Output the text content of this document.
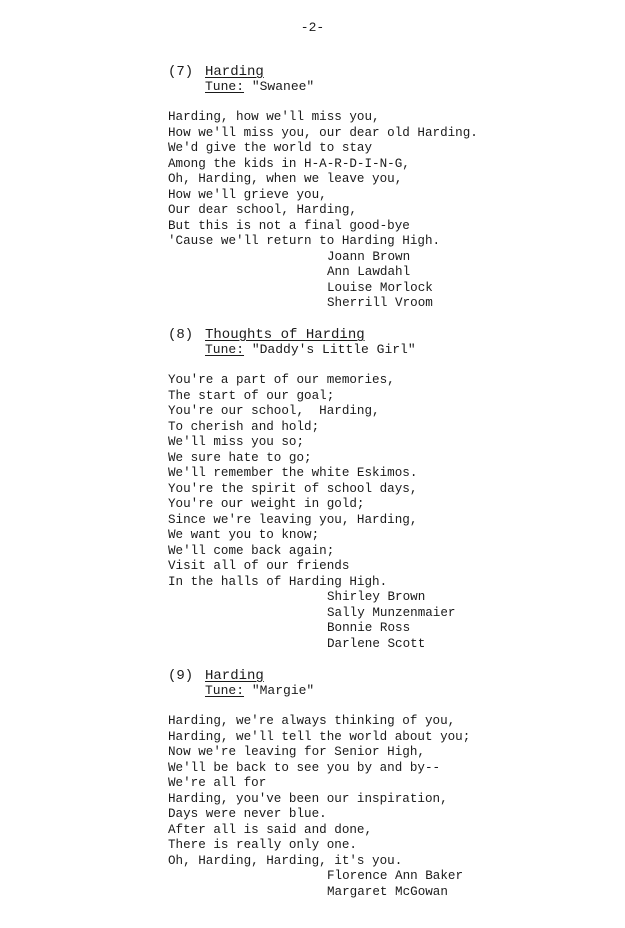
-2-
(7) Harding
Tune: "Swanee"
Harding, how we'll miss you,
How we'll miss you, our dear old Harding.
We'd give the world to stay
Among the kids in H-A-R-D-I-N-G,
Oh, Harding, when we leave you,
How we'll grieve you,
Our dear school, Harding,
But this is not a final good-bye
'Cause we'll return to Harding High.
Joann Brown
Ann Lawdahl
Louise Morlock
Sherrill Vroom
(8) Thoughts of Harding
Tune: "Daddy's Little Girl"
You're a part of our memories,
The start of our goal;
You're our school,  Harding,
To cherish and hold;
We'll miss you so;
We sure hate to go;
We'll remember the white Eskimos.
You're the spirit of school days,
You're our weight in gold;
Since we're leaving you, Harding,
We want you to know;
We'll come back again;
Visit all of our friends
In the halls of Harding High.
Shirley Brown
Sally Munzenmaier
Bonnie Ross
Darlene Scott
(9) Harding
Tune: "Margie"
Harding, we're always thinking of you,
Harding, we'll tell the world about you;
Now we're leaving for Senior High,
We'll be back to see you by and by--
We're all for
Harding, you've been our inspiration,
Days were never blue.
After all is said and done,
There is really only one.
Oh, Harding, Harding, it's you.
Florence Ann Baker
Margaret McGowan
